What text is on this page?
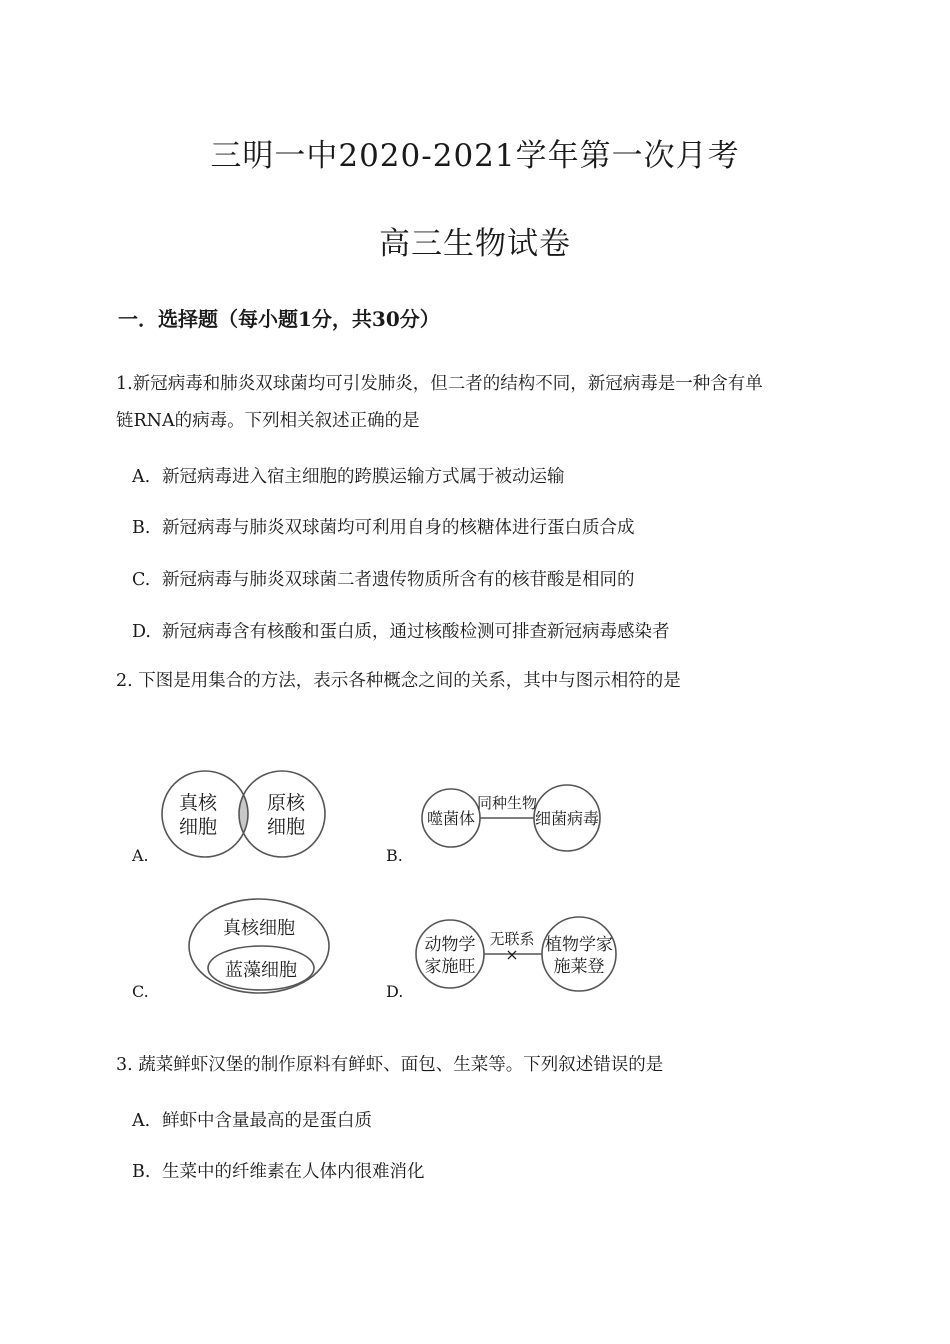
三明一中2020-2021学年第一次月考
高三生物试卷
一．选择题（每小题1分，共30分）
1.新冠病毒和肺炎双球菌均可引发肺炎，但二者的结构不同，新冠病毒是一种含有单
链RNA的病毒。下列相关叙述正确的是
A. 新冠病毒进入宿主细胞的跨膜运输方式属于被动运输
B. 新冠病毒与肺炎双球菌均可利用自身的核糖体进行蛋白质合成
C. 新冠病毒与肺炎双球菌二者遗传物质所含有的核苷酸是相同的
D. 新冠病毒含有核酸和蛋白质，通过核酸检测可排查新冠病毒感染者
2. 下图是用集合的方法，表示各种概念之间的关系，其中与图示相符的是
A.
真核
细胞
原核
细胞
B.
噬菌体
同种生物
细菌病毒
C.
真核细胞
蓝藻细胞
D.
×
动物学
家施旺
无联系 植物学家
施莱登
3. 蔬菜鲜虾汉堡的制作原料有鲜虾、面包、生菜等。下列叙述错误的是
A. 鲜虾中含量最高的是蛋白质
B. 生菜中的纤维素在人体内很难消化
